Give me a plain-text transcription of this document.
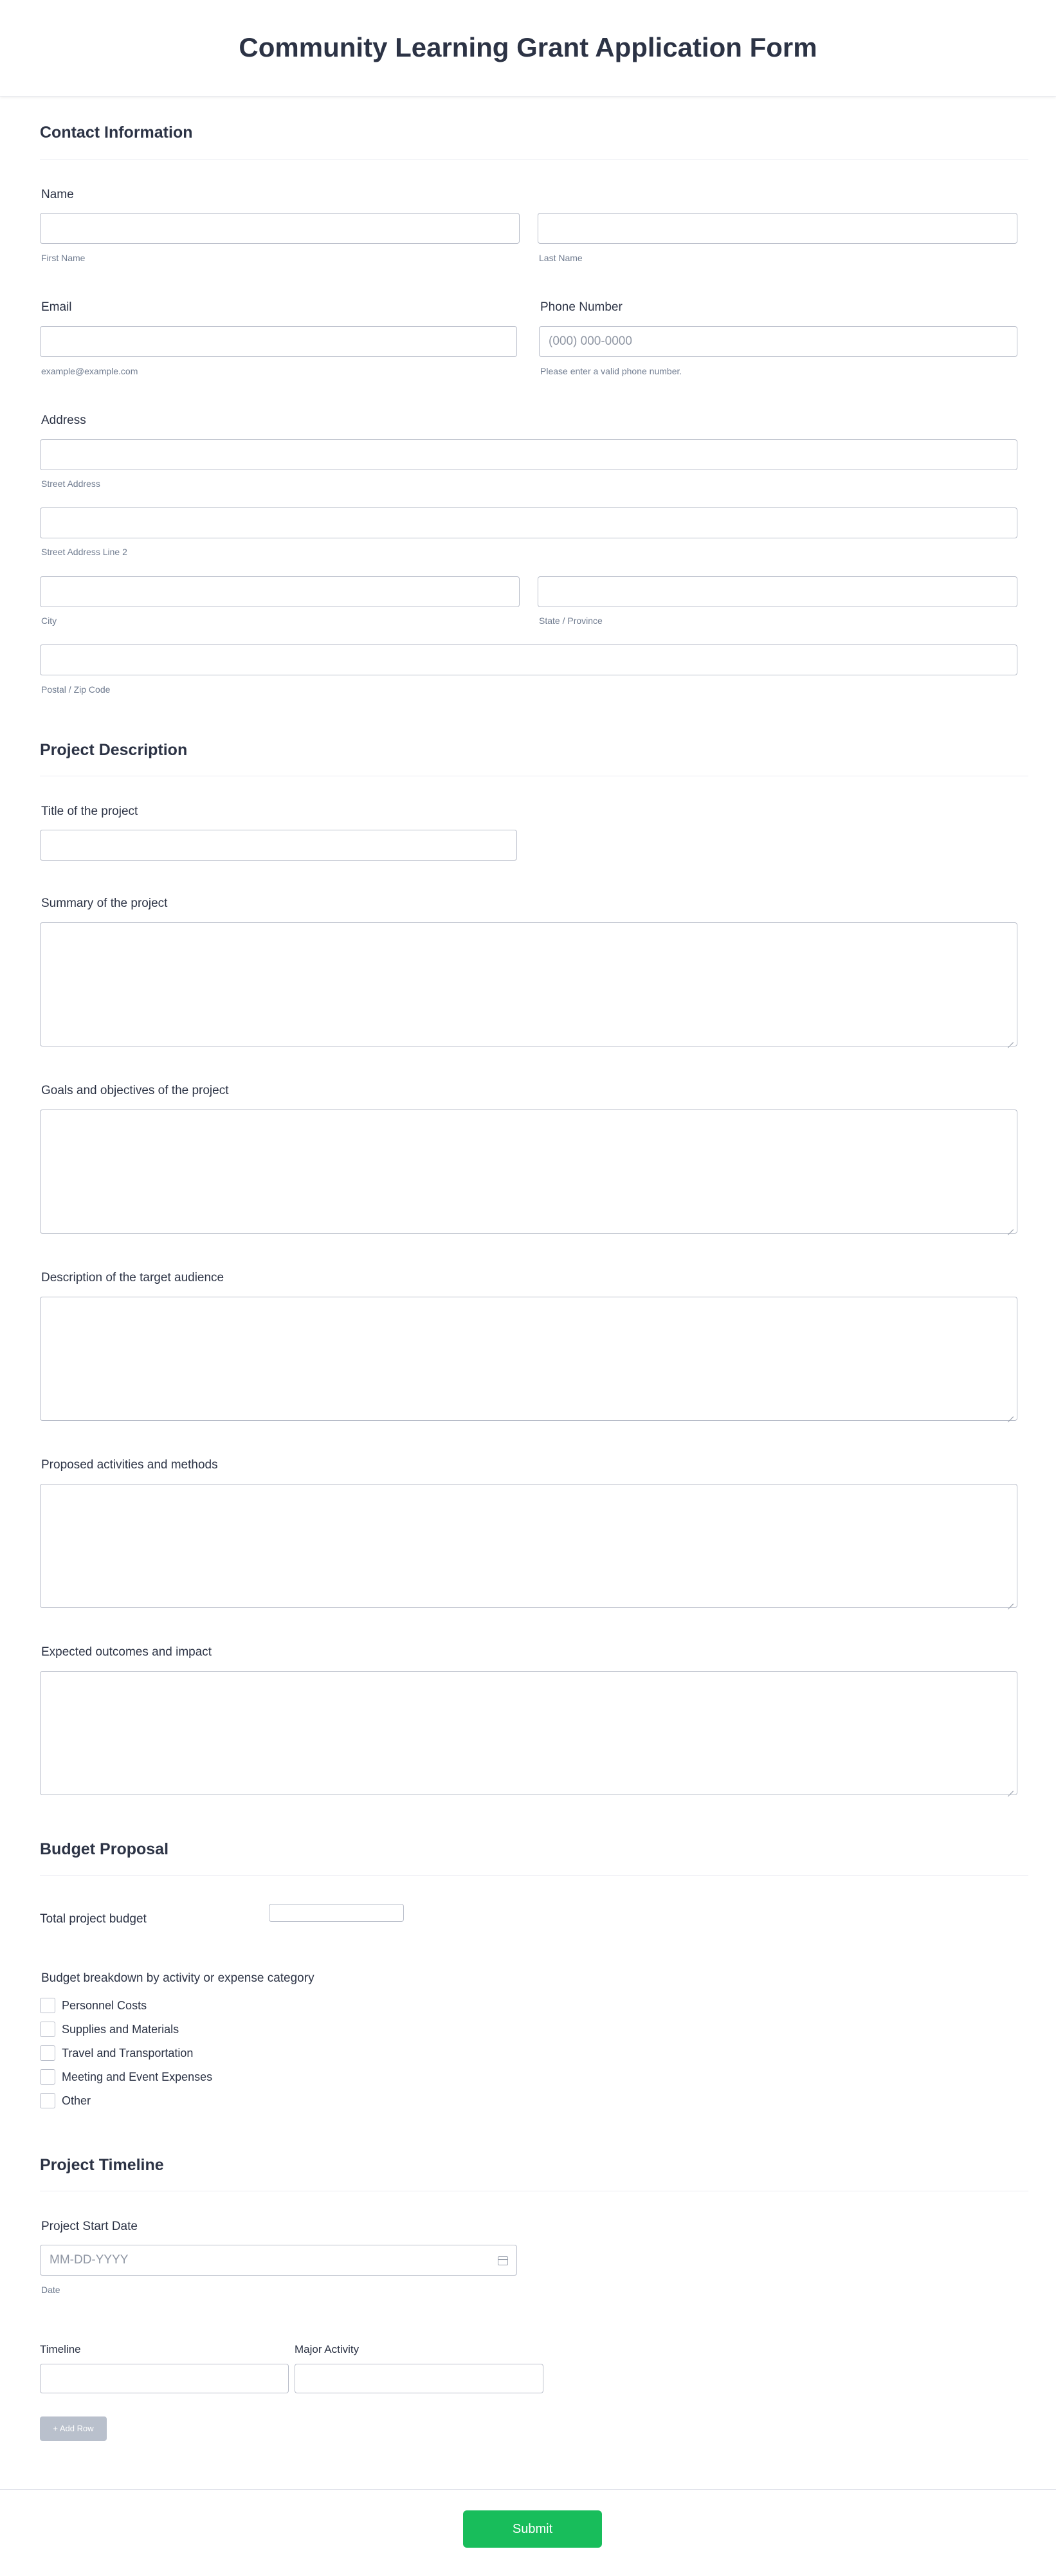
Community Learning Grant Application Form
Contact Information
Name
First Name	Last Name
Email	Phone Number
(000) 000-0000
example@example.com	Please enter a valid phone number.
Address
Street Address
Street Address Line 2
City	State / Province
Postal / Zip Code
Project Description
Title of the project
Summary of the project
Goals and objectives of the project
Description of the target audience
Proposed activities and methods
Expected outcomes and impact
Budget Proposal
Total project budget
Budget breakdown by activity or expense category
Personnel Costs
Supplies and Materials
Travel and Transportation
Meeting and Event Expenses
Other
Project Timeline
Project Start Date
MM-DD-YYYY
Date
Timeline	Major Activity
+ Add Row
Submit
